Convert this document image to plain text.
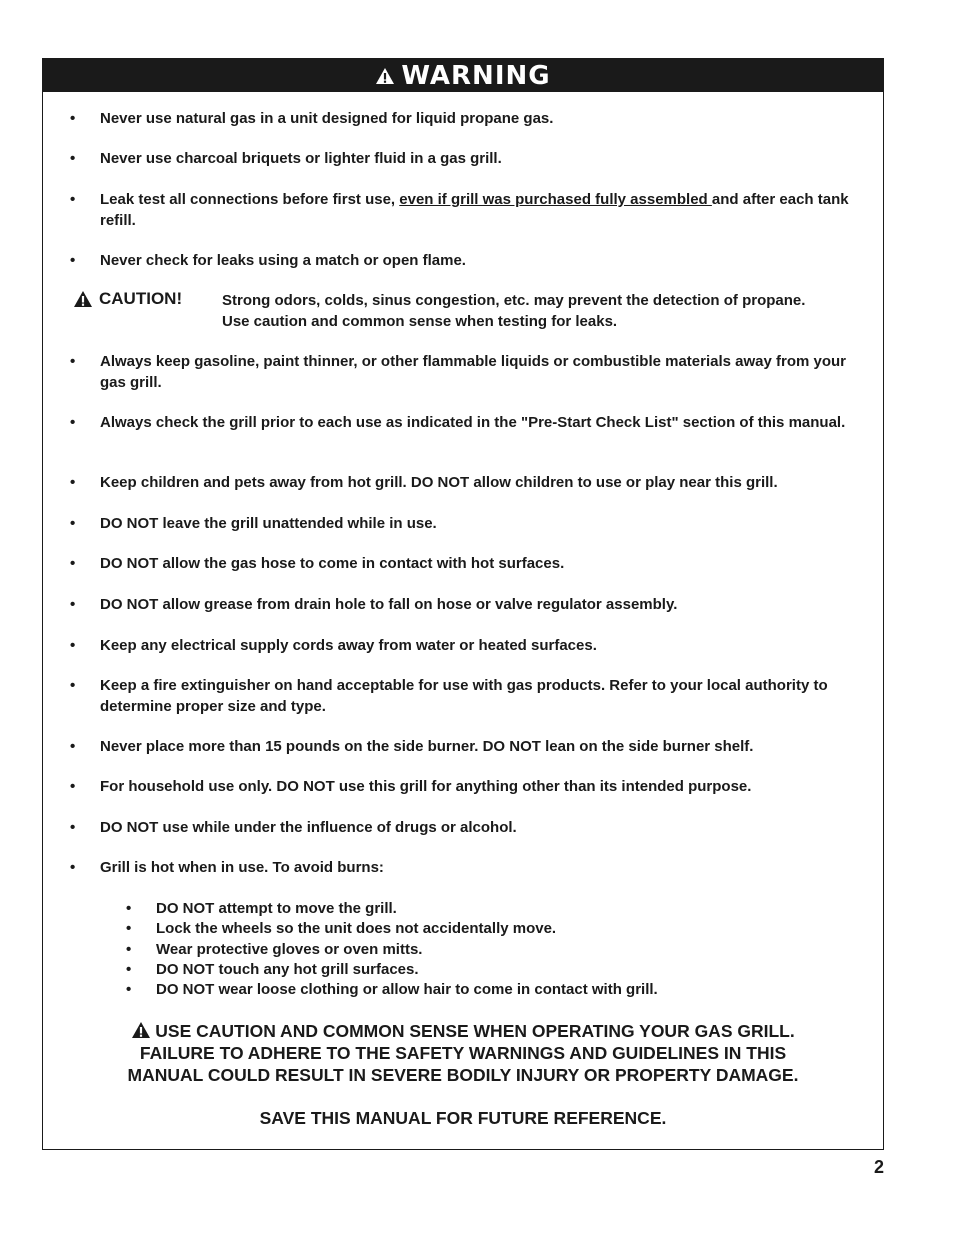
WARNING
• Never use natural gas in a unit designed for liquid propane gas.
• Never use charcoal briquets or lighter fluid in a gas grill.
• Leak test all connections before first use, even if grill was purchased fully assembled and after each tank refill.
• Never check for leaks using a match or open flame.
CAUTION!	Strong odors, colds, sinus congestion, etc. may prevent the detection of propane. Use caution and common sense when testing for leaks.
• Always keep gasoline, paint thinner, or other flammable liquids or combustible materials away from your gas grill.
• Always check the grill prior to each use as indicated in the "Pre-Start Check List" section of this manual.
• Keep children and pets away from hot grill. DO NOT allow children to use or play near this grill.
• DO NOT leave the grill unattended while in use.
• DO NOT allow the gas hose to come in contact with hot surfaces.
• DO NOT allow grease from drain hole to fall on hose or valve regulator assembly.
• Keep any electrical supply cords away from water or heated surfaces.
• Keep a fire extinguisher on hand acceptable for use with gas products. Refer to your local authority to determine proper size and type.
• Never place more than 15 pounds on the side burner. DO NOT lean on the side burner shelf.
• For household use only. DO NOT use this grill for anything other than its intended purpose.
• DO NOT use while under the influence of drugs or alcohol.
• Grill is hot when in use. To avoid burns:
• DO NOT attempt to move the grill.
• Lock the wheels so the unit does not accidentally move.
• Wear protective gloves or oven mitts.
• DO NOT touch any hot grill surfaces.
• DO NOT wear loose clothing or allow hair to come in contact with grill.
USE CAUTION AND COMMON SENSE WHEN OPERATING YOUR GAS GRILL.
FAILURE TO ADHERE TO THE SAFETY WARNINGS AND GUIDELINES IN THIS
MANUAL COULD RESULT IN SEVERE BODILY INJURY OR PROPERTY DAMAGE.
SAVE THIS MANUAL FOR FUTURE REFERENCE.
2
